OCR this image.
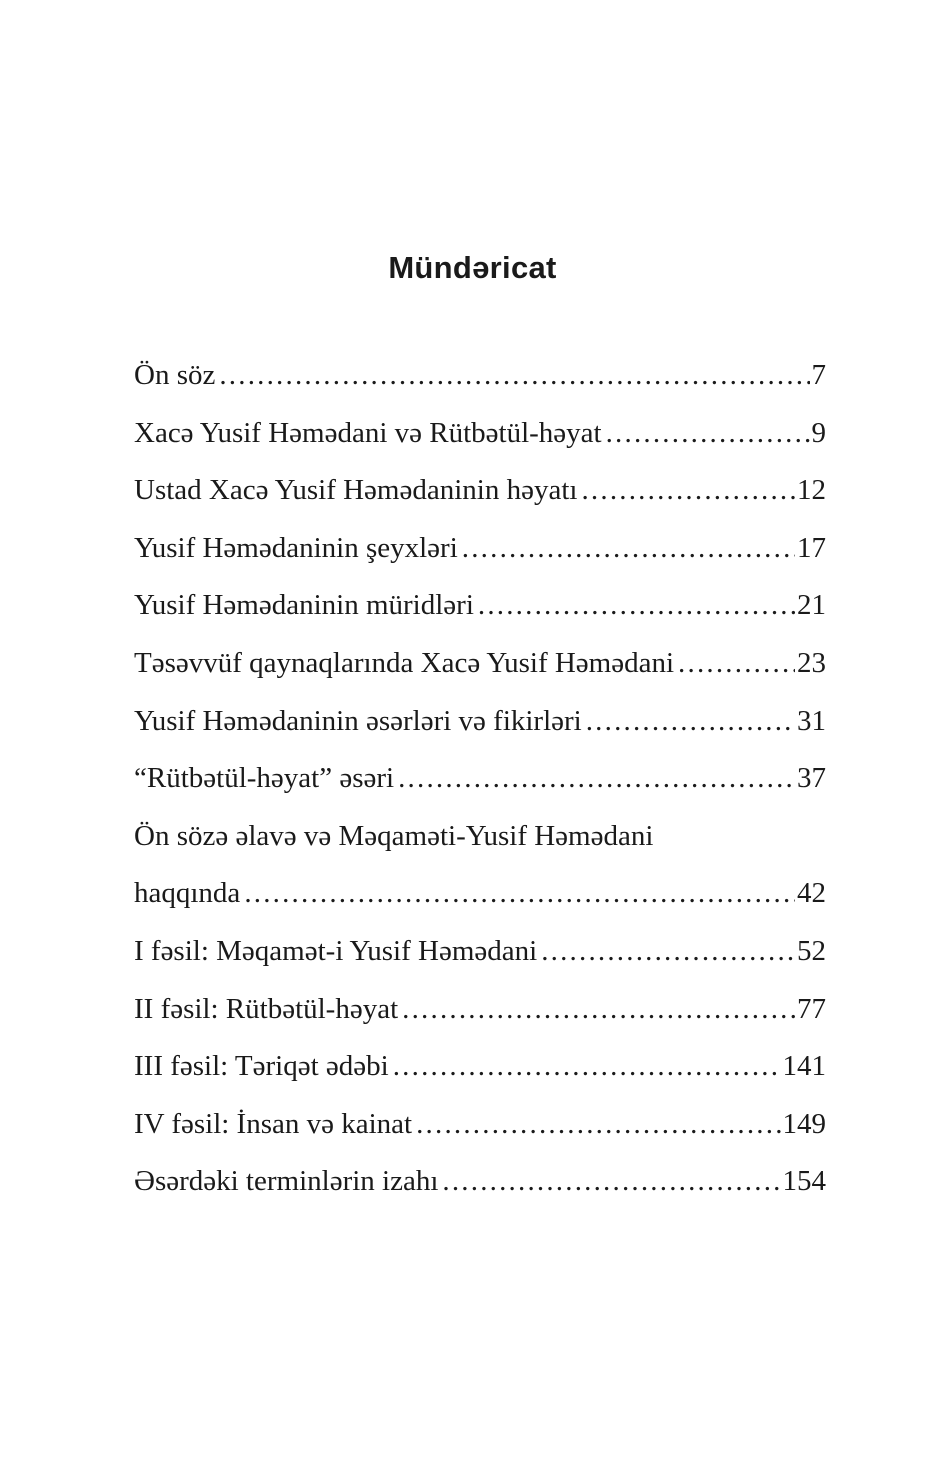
Mündəricat
Ön söz .....	7
Xacə Yusif Həmədani və Rütbətül-həyat .....	9
Ustad Xacə Yusif Həmədaninin həyatı .....	12
Yusif Həmədaninin şeyxləri .....	17
Yusif Həmədaninin müridləri .....	21
Təsəvvüf qaynaqlarında Xacə Yusif Həmədani .....	23
Yusif Həmədaninin əsərləri və fikirləri .....	31
“Rütbətül-həyat” əsəri .....	37
Ön sözə əlavə və Məqaməti-Yusif Həmədani
haqqında .....	42
I fəsil: Məqamət-i Yusif Həmədani .....	52
II fəsil: Rütbətül-həyat .....	77
III fəsil: Təriqət ədəbi .....	141
IV fəsil: İnsan və kainat .....	149
Əsərdəki terminlərin izahı .....	154
